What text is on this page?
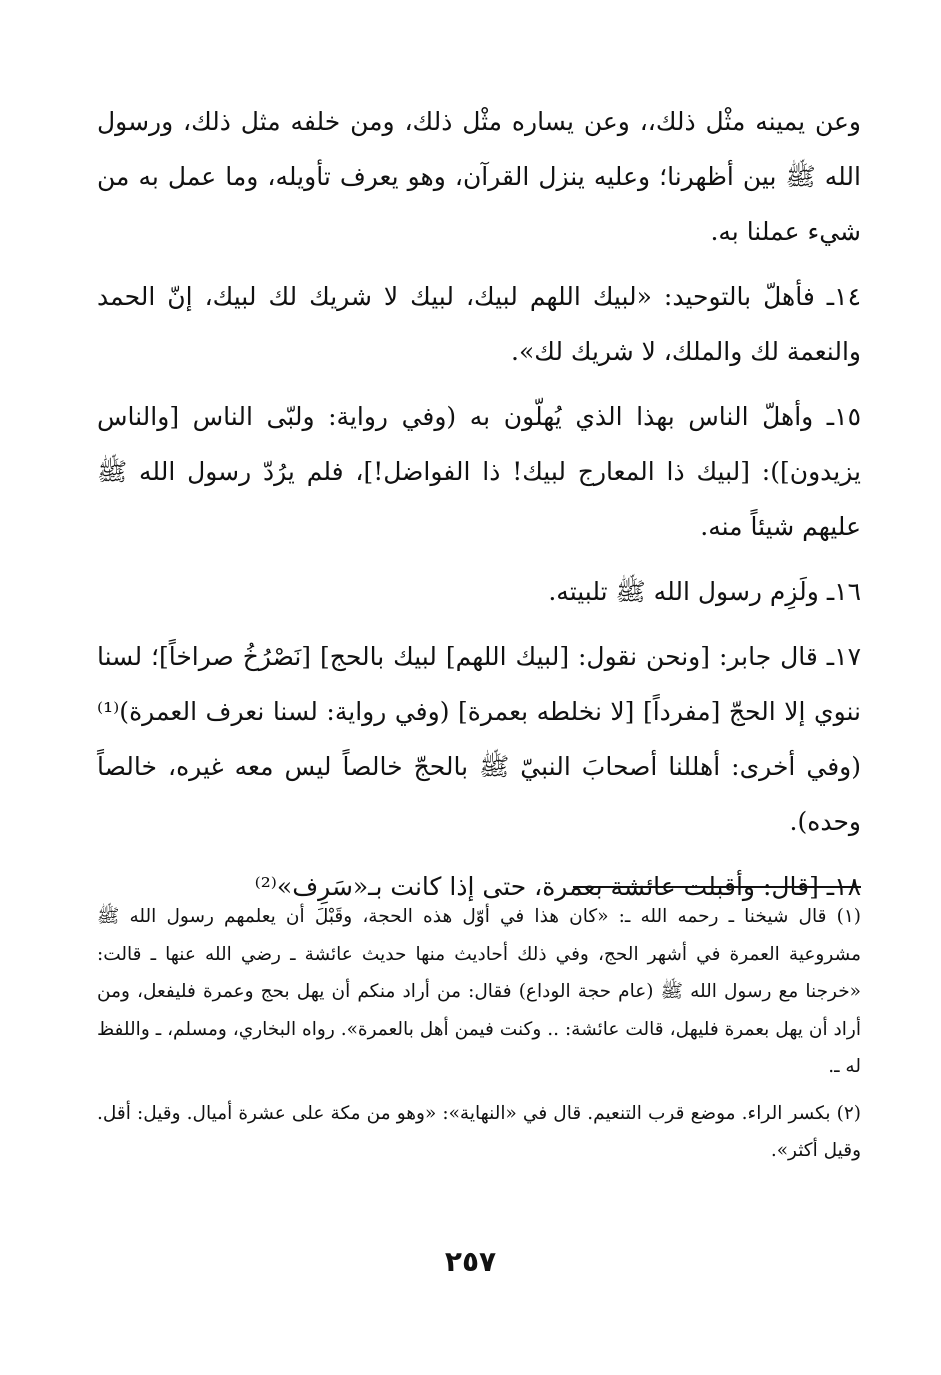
وعن يمينه مثْل ذلك،، وعن يساره مثْل ذلك، ومن خلفه مثل ذلك، ورسول الله ﷺ بين أظهرنا؛ وعليه ينزل القرآن، وهو يعرف تأويله، وما عمل به من شيء عملنا به.

١٤ـ فأهلّ بالتوحيد: «لبيك اللهم لبيك، لبيك لا شريك لك لبيك، إنّ الحمد والنعمة لك والملك، لا شريك لك».

١٥ـ وأهلّ الناس بهذا الذي يُهلّون به (وفي رواية: ولبّى الناس [والناس يزيدون]): [لبيك ذا المعارج لبيك! ذا الفواضل!]، فلم يرُدّ رسول الله ﷺ عليهم شيئاً منه.

١٦ـ ولَزِم رسول الله ﷺ تلبيته.

١٧ـ قال جابر: [ونحن نقول: [لبيك اللهم] لبيك بالحج] [نَصْرُخُ صراخاً]؛ لسنا ننوي إلا الحجّ [مفرداً] [لا نخلطه بعمرة] (وفي رواية: لسنا نعرف العمرة)⁽¹⁾ (وفي أخرى: أهللنا أصحابَ النبيّ ﷺ بالحجّ خالصاً ليس معه غيره، خالصاً وحده).

١٨ـ [قال: وأقبلت عائشة بعمرة، حتى إذا كانت بـ«سَرِف»⁽²⁾

(١) قال شيخنا ـ رحمه الله ـ: «كان هذا في أوّل هذه الحجة، وقَبْلَ أن يعلمهم رسول الله ﷺ مشروعية العمرة في أشهر الحج، وفي ذلك أحاديث منها حديث عائشة ـ رضي الله عنها ـ قالت: «خرجنا مع رسول الله ﷺ (عام حجة الوداع) فقال: من أراد منكم أن يهل بحج وعمرة فليفعل، ومن أراد أن يهل بعمرة فليهل، قالت عائشة: .. وكنت فيمن أهل بالعمرة». رواه البخاري، ومسلم، ـ واللفظ له ـ.

(٢) بكسر الراء. موضع قرب التنعيم. قال في «النهاية»: «وهو من مكة على عشرة أميال. وقيل: أقل. وقيل أكثر».

٢٥٧
